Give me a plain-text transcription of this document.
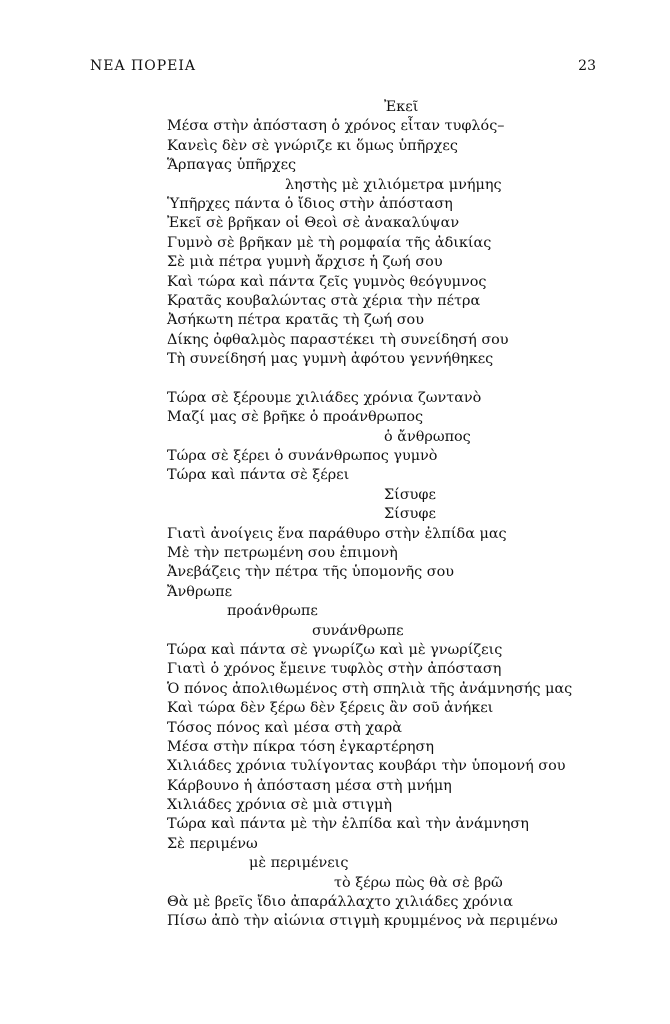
ΝΕΑ ΠΟΡΕΙΑ	23
Ἐκεῖ
Μέσα στὴν ἀπόσταση ὁ χρόνος εἶταν τυφλός–
Κανεὶς δὲν σὲ γνώριζε κι ὅμως ὑπῆρχες
Ἅρπαγας ὑπῆρχες
ληστὴς μὲ χιλιόμετρα μνήμης
Ὑπῆρχες πάντα ὁ ἴδιος στὴν ἀπόσταση
Ἐκεῖ σὲ βρῆκαν οἱ Θεοὶ σὲ ἀνακαλύψαν
Γυμνὸ σὲ βρῆκαν μὲ τὴ ρομφαία τῆς ἀδικίας
Σὲ μιὰ πέτρα γυμνὴ ἄρχισε ἡ ζωή σου
Καὶ τώρα καὶ πάντα ζεῖς γυμνὸς θεόγυμνος
Κρατᾶς κουβαλώντας στὰ χέρια τὴν πέτρα
Ἀσήκωτη πέτρα κρατᾶς τὴ ζωή σου
Δίκης ὀφθαλμὸς παραστέκει τὴ συνείδησή σου
Τὴ συνείδησή μας γυμνὴ ἀφότου γεννήθηκες
Τώρα σὲ ξέρουμε χιλιάδες χρόνια ζωντανὸ
Μαζί μας σὲ βρῆκε ὁ προάνθρωπος
ὁ ἄνθρωπος
Τώρα σὲ ξέρει ὁ συνάνθρωπος γυμνὸ
Τώρα καὶ πάντα σὲ ξέρει
Σίσυφε
Σίσυφε
Γιατὶ ἀνοίγεις ἕνα παράθυρο στὴν ἐλπίδα μας
Μὲ τὴν πετρωμένη σου ἐπιμονὴ
Ἀνεβάζεις τὴν πέτρα τῆς ὑπομονῆς σου
Ἄνθρωπε
προάνθρωπε
συνάνθρωπε
Τώρα καὶ πάντα σὲ γνωρίζω καὶ μὲ γνωρίζεις
Γιατὶ ὁ χρόνος ἔμεινε τυφλὸς στὴν ἀπόσταση
Ὁ πόνος ἀπολιθωμένος στὴ σπηλιὰ τῆς ἀνάμνησής μας
Καὶ τώρα δὲν ξέρω δὲν ξέρεις ἂν σοῦ ἀνήκει
Τόσος πόνος καὶ μέσα στὴ χαρὰ
Μέσα στὴν πίκρα τόση ἐγκαρτέρηση
Χιλιάδες χρόνια τυλίγοντας κουβάρι τὴν ὑπομονή σου
Κάρβουνο ἡ ἀπόσταση μέσα στὴ μνήμη
Χιλιάδες χρόνια σὲ μιὰ στιγμὴ
Τώρα καὶ πάντα μὲ τὴν ἐλπίδα καὶ τὴν ἀνάμνηση
Σὲ περιμένω
μὲ περιμένεις
τὸ ξέρω πὼς θὰ σὲ βρῶ
Θὰ μὲ βρεῖς ἴδιο ἀπαράλλαχτο χιλιάδες χρόνια
Πίσω ἀπὸ τὴν αἰώνια στιγμὴ κρυμμένος νὰ περιμένω
